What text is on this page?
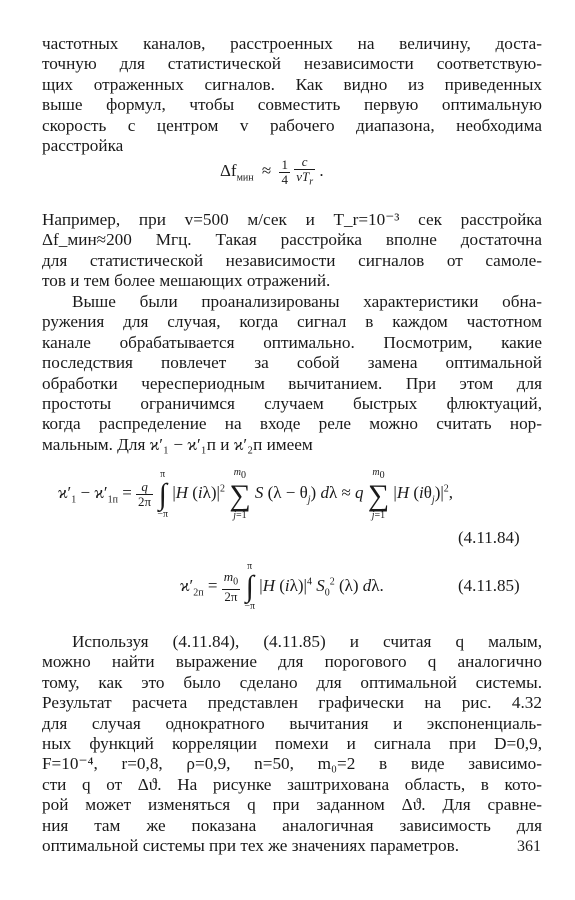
частотных каналов, расстроенных на величину, доста-
точную для статистической независимости соответствую-
щих отраженных сигналов. Как видно из приведенных
выше формул, чтобы совместить первую оптимальную
скорость с центром v рабочего диапазона, необходима
расстройка
$\Delta f_{мин} \approx \frac{1}{4}$
$\frac{c}{vT_r}$ .
Например, при v=500 м/сек и T_r=10⁻³ сек расстройка
Δf_мин≈200 Мгц. Такая расстройка вполне достаточна
для статистической независимости сигналов от самоле-
тов и тем более мешающих отражений.
Выше были проанализированы характеристики обна-
ружения для случая, когда сигнал в каждом частотном
канале обрабатывается оптимально. Посмотрим, какие
последствия повлечет за собой замена оптимальной
обработки череспериодным вычитанием. При этом для
простоты ограничимся случаем быстрых флюктуаций,
когда распределение на входе реле можно считать нор-
мальным. Для ϰ′₁ − ϰ′₁п и ϰ′₂п имеем
$ϰ'_1 - ϰ'_{1п} = \frac{q}{2\pi}$

π
∫
−π
|H $(i\lambda)|^2$
$m_0$
∑
j=1
S $(\lambda - \theta_j)$ dλ ≈ q
$m_0$
∑
j=1
|H $(i\theta_j)|^2$,
(4.11.84)
$ϰ'_{2п} = \frac{m_0}{2\pi}$

π
∫
−π
|H $(i\lambda)|^4$ $S_0^2$ (λ) dλ.	(4.11.85)
Используя (4.11.84), (4.11.85) и считая q малым,
можно найти выражение для порогового q аналогично
тому, как это было сделано для оптимальной системы.
Результат расчета представлен графически на рис. 4.32
для случая однократного вычитания и экспоненциаль-
ных функций корреляции помехи и сигнала при D=0,9,
F=10⁻⁴, r=0,8, ρ=0,9, n=50, m₀=2 в виде зависимо-
сти q от Δϑ. На рисунке заштрихована область, в кото-
рой может изменяться q при заданном Δϑ. Для сравне-
ния там же показана аналогичная зависимость для
оптимальной системы при тех же значениях параметров.	361
